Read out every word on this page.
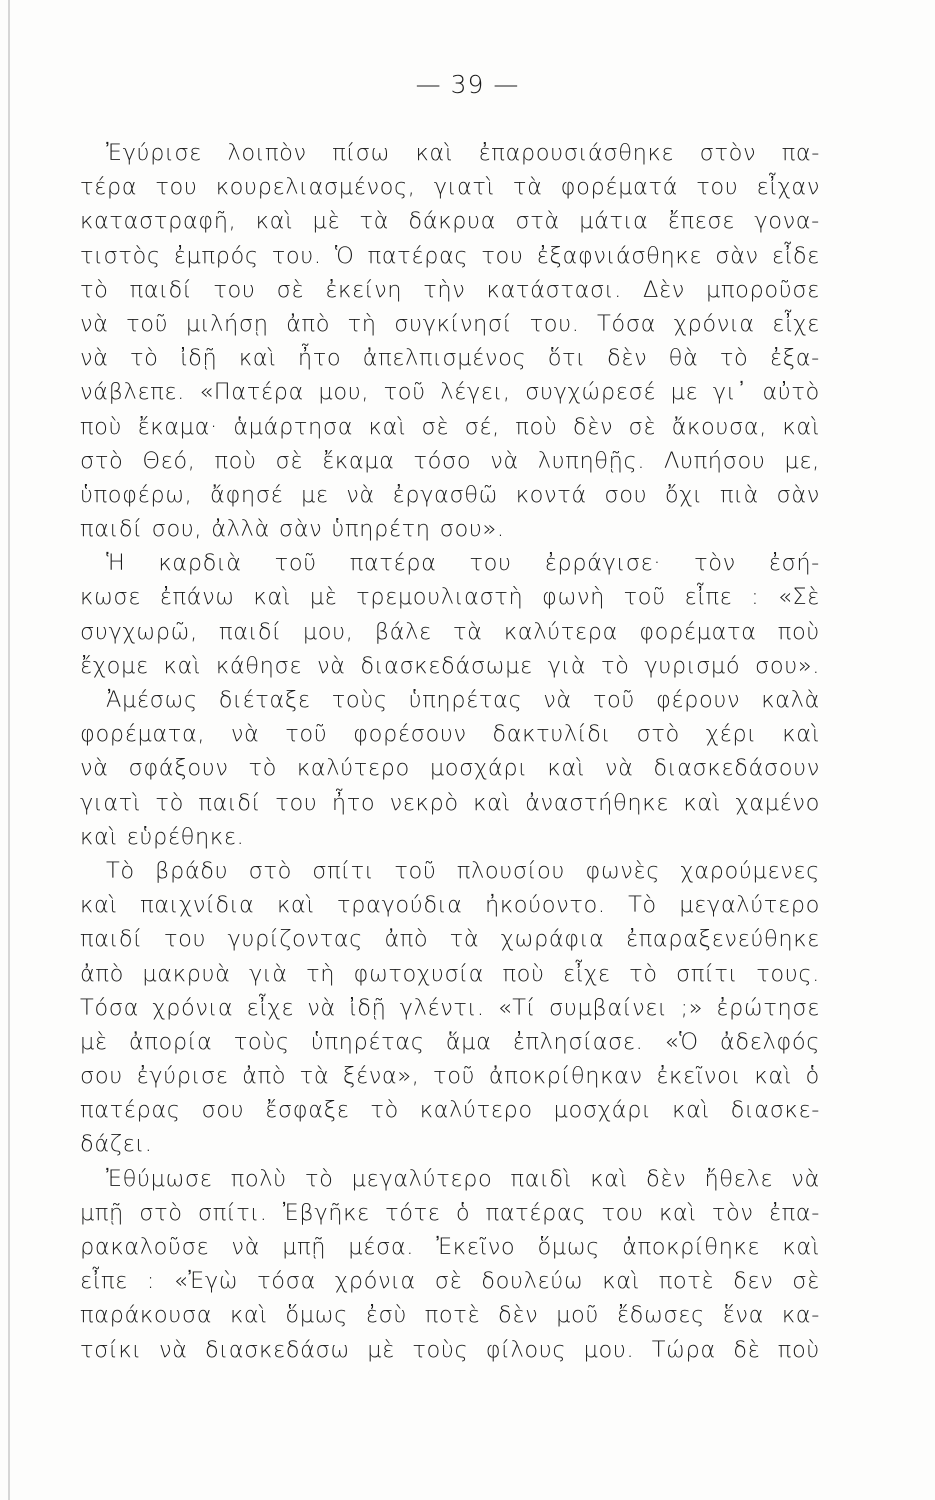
— 39 —
Ἐγύρισε λοιπὸν πίσω καὶ ἐπαρουσιάσθηκε στὸν πα-
τέρα του κουρελιασμένος, γιατὶ τὰ φορέματά του εἶχαν
καταστραφῆ, καὶ μὲ τὰ δάκρυα στὰ μάτια ἔπεσε γονα-
τιστὸς ἐμπρός του. Ὁ πατέρας του ἐξαφνιάσθηκε σὰν εἶδε
τὸ παιδί του σὲ ἐκείνη τὴν κατάστασι. Δὲν μποροῦσε
νὰ τοῦ μιλήσῃ ἀπὸ τὴ συγκίνησί του. Τόσα χρόνια εἶχε
νὰ τὸ ἰδῇ καὶ ἦτο ἀπελπισμένος ὅτι δὲν θὰ τὸ ἐξα-
νάβλεπε. «Πατέρα μου, τοῦ λέγει, συγχώρεσέ με γι᾿ αὐτὸ
ποὺ ἔκαμα· ἁμάρτησα καὶ σὲ σέ, ποὺ δὲν σὲ ἄκουσα, καὶ
στὸ Θεό, ποὺ σὲ ἔκαμα τόσο νὰ λυπηθῇς. Λυπήσου με,
ὑποφέρω, ἄφησέ με νὰ ἐργασθῶ κοντά σου ὄχι πιὰ σὰν
παιδί σου, ἀλλὰ σὰν ὑπηρέτη σου».
Ἡ καρδιὰ τοῦ πατέρα του ἐρράγισε· τὸν ἐσή-
κωσε ἐπάνω καὶ μὲ τρεμουλιαστὴ φωνὴ τοῦ εἶπε : «Σὲ
συγχωρῶ, παιδί μου, βάλε τὰ καλύτερα φορέματα ποὺ
ἔχομε καὶ κάθησε νὰ διασκεδάσωμε γιὰ τὸ γυρισμό σου».
Ἀμέσως διέταξε τοὺς ὑπηρέτας νὰ τοῦ φέρουν καλὰ
φορέματα, νὰ τοῦ φορέσουν δακτυλίδι στὸ χέρι καὶ
νὰ σφάξουν τὸ καλύτερο μοσχάρι καὶ νὰ διασκεδάσουν
γιατὶ τὸ παιδί του ἦτο νεκρὸ καὶ ἀναστήθηκε καὶ χαμένο
καὶ εὑρέθηκε.
Τὸ βράδυ στὸ σπίτι τοῦ πλουσίου φωνὲς χαρούμενες
καὶ παιχνίδια καὶ τραγούδια ἠκούοντο. Τὸ μεγαλύτερο
παιδί του γυρίζοντας ἀπὸ τὰ χωράφια ἐπαραξενεύθηκε
ἀπὸ μακρυὰ γιὰ τὴ φωτοχυσία ποὺ εἶχε τὸ σπίτι τους.
Τόσα χρόνια εἶχε νὰ ἰδῇ γλέντι. «Τί συμβαίνει ;» ἐρώτησε
μὲ ἀπορία τοὺς ὑπηρέτας ἅμα ἐπλησίασε. «Ὁ ἀδελφός
σου ἐγύρισε ἀπὸ τὰ ξένα», τοῦ ἀποκρίθηκαν ἐκεῖνοι καὶ ὁ
πατέρας σου ἔσφαξε τὸ καλύτερο μοσχάρι καὶ διασκε-
δάζει.
Ἐθύμωσε πολὺ τὸ μεγαλύτερο παιδὶ καὶ δὲν ἤθελε νὰ
μπῇ στὸ σπίτι. Ἐβγῆκε τότε ὁ πατέρας του καὶ τὸν ἐπα-
ρακαλοῦσε νὰ μπῇ μέσα. Ἐκεῖνο ὅμως ἀποκρίθηκε καὶ
εἶπε : «Ἐγὼ τόσα χρόνια σὲ δουλεύω καὶ ποτὲ δεν σὲ
παράκουσα καὶ ὅμως ἐσὺ ποτὲ δὲν μοῦ ἔδωσες ἕνα κα-
τσίκι νὰ διασκεδάσω μὲ τοὺς φίλους μου. Τώρα δὲ ποὺ
